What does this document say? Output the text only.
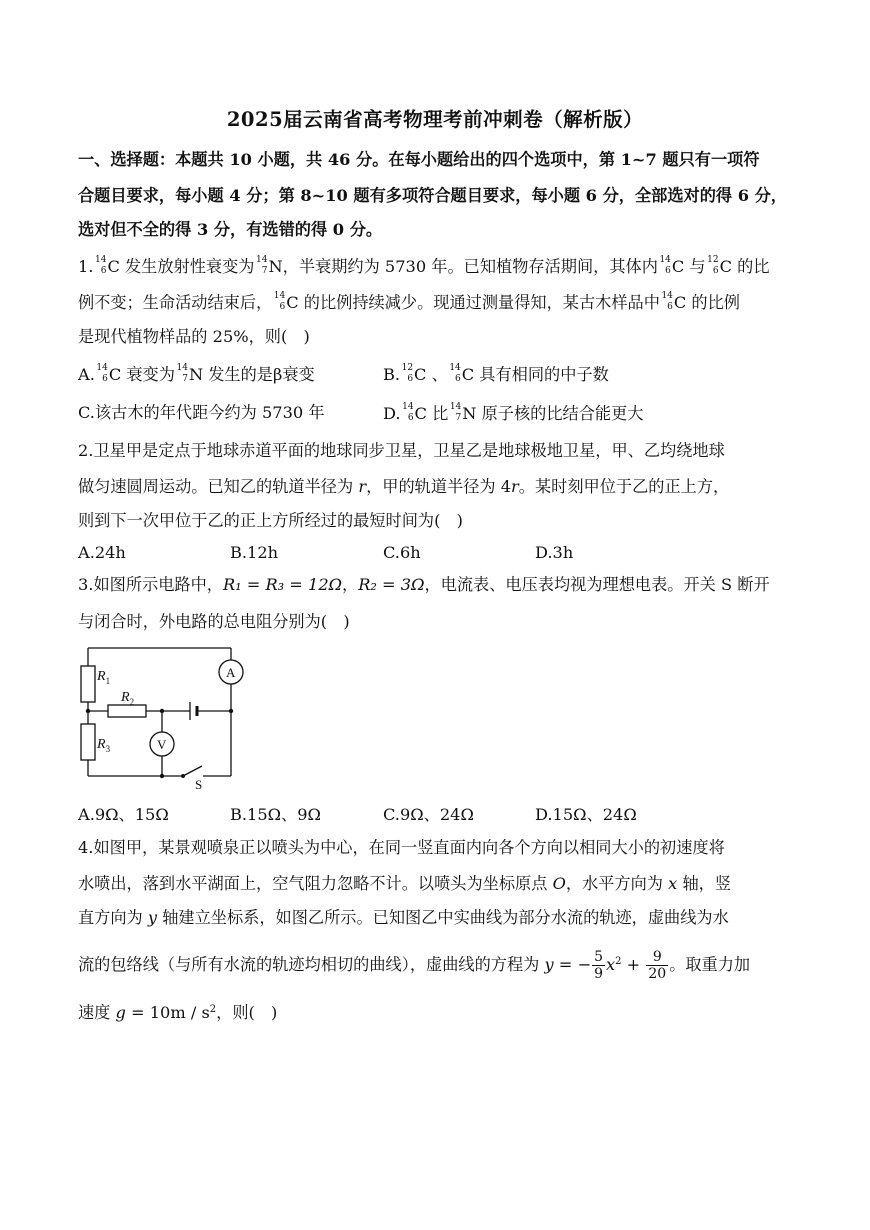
2025届云南省高考物理考前冲刺卷（解析版）
一、选择题：本题共 10 小题，共 46 分。在每小题给出的四个选项中，第 1~7 题只有一项符
合题目要求，每小题 4 分；第 8~10 题有多项符合题目要求，每小题 6 分，全部选对的得 6 分，
选对但不全的得 3 分，有选错的得 0 分。
1. 14
6 C 发生放射性衰变为 14
7 N，半衰期约为 5730 年。已知植物存活期间，其体内 14
6 C 与 12
6 C 的比
例不变；生命活动结束后， 14
6 C 的比例持续减少。现通过测量得知，某古木样品中 14
6 C 的比例
是现代植物样品的 25%，则(　)
A. 14
6 C 衰变为 14
7 N 发生的是β衰变	B. 12
6 C 、 14
6 C 具有相同的中子数
C.该古木的年代距今约为 5730 年	D. 14
6 C 比 14
7 N 原子核的比结合能更大
2.卫星甲是定点于地球赤道平面的地球同步卫星，卫星乙是地球极地卫星，甲、乙均绕地球
做匀速圆周运动。已知乙的轨道半径为 r，甲的轨道半径为 4r。某时刻甲位于乙的正上方，
则到下一次甲位于乙的正上方所经过的最短时间为(　)
A.24h	B.12h	C.6h	D.3h
3.如图所示电路中，R₁ = R₃ = 12Ω，R₂ = 3Ω，电流表、电压表均视为理想电表。开关 S 断开
与闭合时，外电路的总电阻分别为(　)
$R_1$
$R_2$
$R_3$
A
V
S
A.9Ω、15Ω	B.15Ω、9Ω	C.9Ω、24Ω	D.15Ω、24Ω
4.如图甲，某景观喷泉正以喷头为中心，在同一竖直面内向各个方向以相同大小的初速度将
水喷出，落到水平湖面上，空气阻力忽略不计。以喷头为坐标原点 O，水平方向为 x 轴，竖
直方向为 y 轴建立坐标系，如图乙所示。已知图乙中实曲线为部分水流的轨迹，虚曲线为水
流的包络线（与所有水流的轨迹均相切的曲线），虚曲线的方程为 y = − $\frac{5}{9} x^2 + \frac{9}{20}$ 。取重力加
速度 $g = 10m / s^2$，则(　)
